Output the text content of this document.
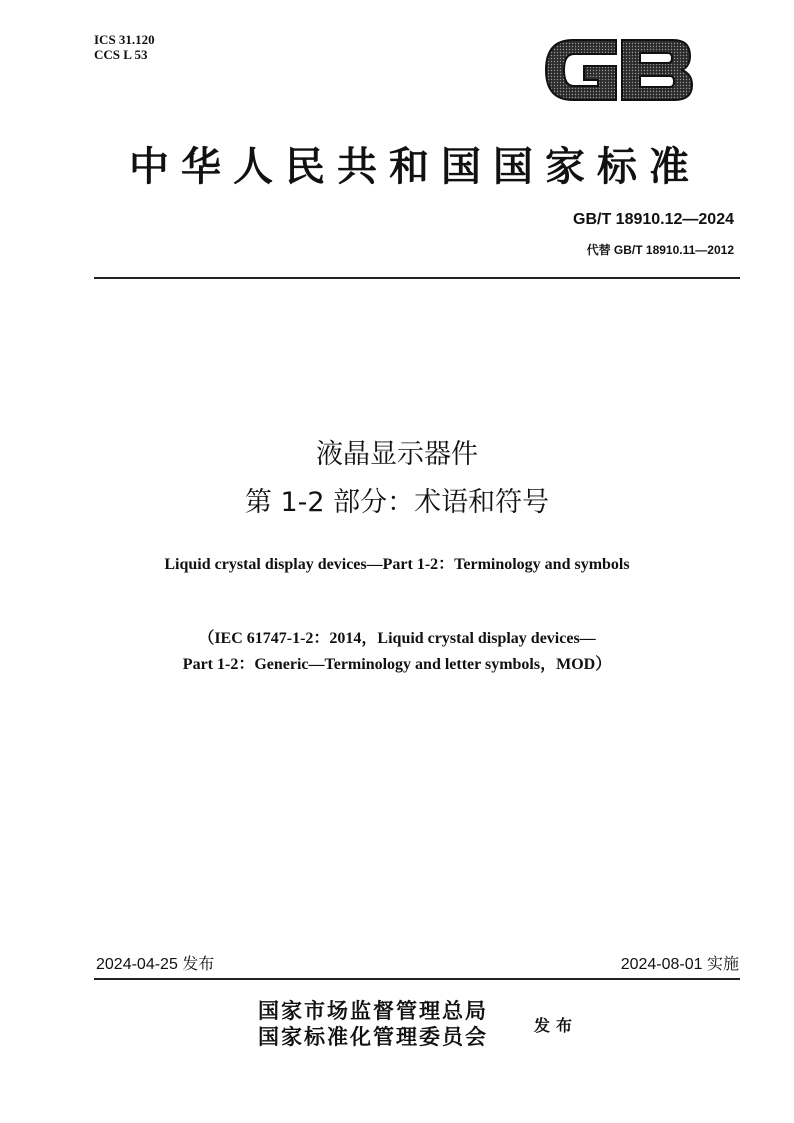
ICS 31.120
CCS L 53
中华人民共和国国家标准
GB/T 18910.12—2024
代替 GB/T 18910.11—2012
液晶显示器件
第 1-2 部分：术语和符号
Liquid crystal display devices—Part 1-2：Terminology and symbols
（IEC 61747-1-2：2014，Liquid crystal display devices—
Part 1-2：Generic—Terminology and letter symbols，MOD）
2024-04-25 发布	2024-08-01 实施
国家市场监督管理总局
国家标准化管理委员会	发布
